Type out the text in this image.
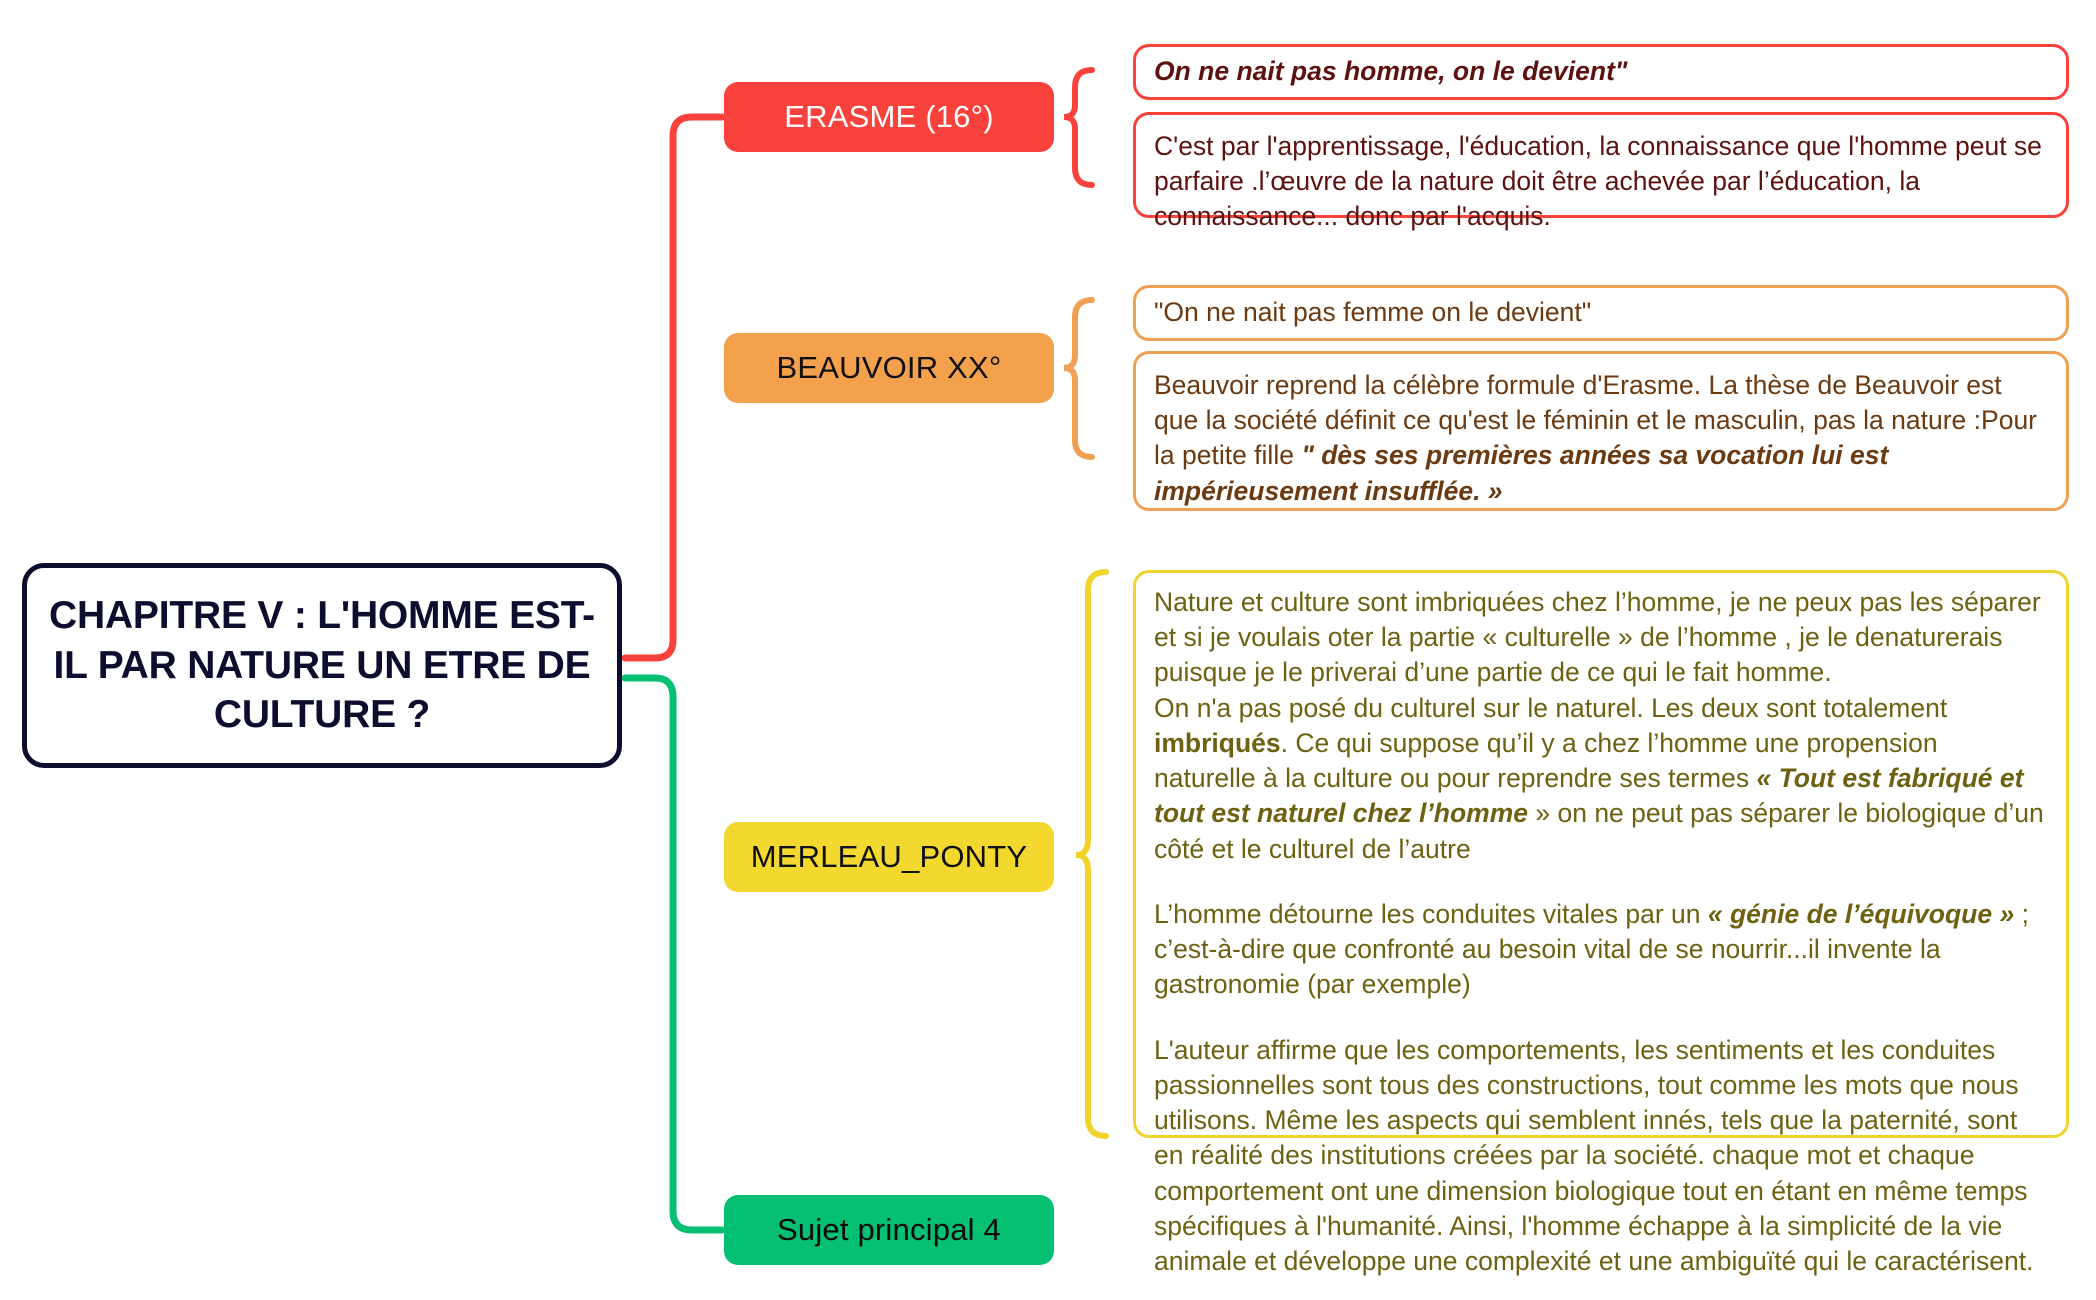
CHAPITRE V : L'HOMME EST-IL PAR NATURE UN ETRE DE CULTURE ?
ERASME (16°)
BEAUVOIR XX°
MERLEAU_PONTY
Sujet principal 4

On ne nait pas homme, on le devient"

C'est par l'apprentissage, l'éducation, la connaissance que l'homme peut se parfaire .l’œuvre de la nature doit être achevée par l’éducation, la connaissance... donc par l'acquis.

"On ne nait pas femme on le devient"

Beauvoir reprend la célèbre formule d'Erasme. La thèse de Beauvoir est que la société définit ce qu'est le féminin et le masculin, pas la nature :Pour la petite fille " dès ses premières années sa vocation lui est impérieusement insufflée. »

Nature et culture sont imbriquées chez l’homme, je ne peux pas les séparer et si je voulais oter la partie « culturelle » de l’homme , je le denaturerais puisque je le priverai d’une partie de ce qui le fait homme.

On n'a pas posé du culturel sur le naturel. Les deux sont totalement imbriqués. Ce qui suppose qu’il y a chez l’homme une propension naturelle à la culture ou pour reprendre ses termes « Tout est fabriqué et tout est naturel chez l’homme » on ne peut pas séparer le biologique d’un côté et le culturel de l’autre

L’homme détourne les conduites vitales par un « génie de l’équivoque » ; c’est-à-dire que confronté au besoin vital de se nourrir...il invente la gastronomie (par exemple)

L'auteur affirme que les comportements, les sentiments et les conduites passionnelles sont tous des constructions, tout comme les mots que nous utilisons. Même les aspects qui semblent innés, tels que la paternité, sont en réalité des institutions créées par la société. chaque mot et chaque comportement ont une dimension biologique tout en étant en même temps spécifiques à l'humanité. Ainsi, l'homme échappe à la simplicité de la vie animale et développe une complexité et une ambiguïté qui le caractérisent.
